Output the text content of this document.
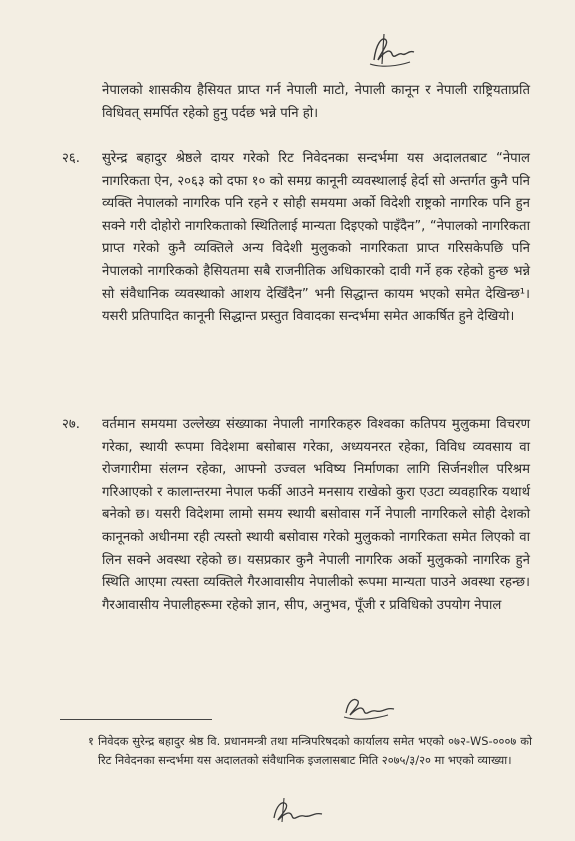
नेपालको शासकीय हैसियत प्राप्त गर्न नेपाली माटो, नेपाली कानून र नेपाली राष्ट्रियताप्रति विधिवत् समर्पित रहेको हुनु पर्दछ भन्ने पनि हो।

२६.	सुरेन्द्र बहादुर श्रेष्ठले दायर गरेको रिट निवेदनका सन्दर्भमा यस अदालतबाट “नेपाल नागरिकता ऐन, २०६३ को दफा १० को समग्र कानूनी व्यवस्थालाई हेर्दा सो अन्तर्गत कुनै पनि व्यक्ति नेपालको नागरिक पनि रहने र सोही समयमा अर्को विदेशी राष्ट्रको नागरिक पनि हुन सक्ने गरी दोहोरो नागरिकताको स्थितिलाई मान्यता दिइएको पाइँदैन”, “नेपालको नागरिकता प्राप्त गरेको कुनै व्यक्तिले अन्य विदेशी मुलुकको नागरिकता प्राप्त गरिसकेपछि पनि नेपालको नागरिकको हैसियतमा सबै राजनीतिक अधिकारको दावी गर्ने हक रहेको हुन्छ भन्ने सो संवैधानिक व्यवस्थाको आशय देखिँदैन” भनी सिद्धान्त कायम भएको समेत देखिन्छ¹। यसरी प्रतिपादित कानूनी सिद्धान्त प्रस्तुत विवादका सन्दर्भमा समेत आकर्षित हुने देखियो।
२७.	वर्तमान समयमा उल्लेख्य संख्याका नेपाली नागरिकहरु विश्वका कतिपय मुलुकमा विचरण गरेका, स्थायी रूपमा विदेशमा बसोबास गरेका, अध्ययनरत रहेका, विविध व्यवसाय वा रोजगारीमा संलग्न रहेका, आफ्नो उज्वल भविष्य निर्माणका लागि सिर्जनशील परिश्रम गरिआएको र कालान्तरमा नेपाल फर्की आउने मनसाय राखेको कुरा एउटा व्यवहारिक यथार्थ बनेको छ। यसरी विदेशमा लामो समय स्थायी बसोवास गर्ने नेपाली नागरिकले सोही देशको कानूनको अधीनमा रही त्यस्तो स्थायी बसोवास गरेको मुलुकको नागरिकता समेत लिएको वा लिन सक्ने अवस्था रहेको छ। यसप्रकार कुनै नेपाली नागरिक अर्को मुलुकको नागरिक हुने स्थिति आएमा त्यस्ता व्यक्तिले गैरआवासीय नेपालीको रूपमा मान्यता पाउने अवस्था रहन्छ। गैरआवासीय नेपालीहरूमा रहेको ज्ञान, सीप, अनुभव, पूँजी र प्रविधिको उपयोग नेपाल
१ निवेदक सुरेन्द्र बहादुर श्रेष्ठ वि. प्रधानमन्त्री तथा मन्त्रिपरिषदको कार्यालय समेत भएको ०७२-WS-०००७ को रिट निवेदनका सन्दर्भमा यस अदालतको संवैधानिक इजलासबाट मिति २०७५/३/२० मा भएको व्याख्या।
